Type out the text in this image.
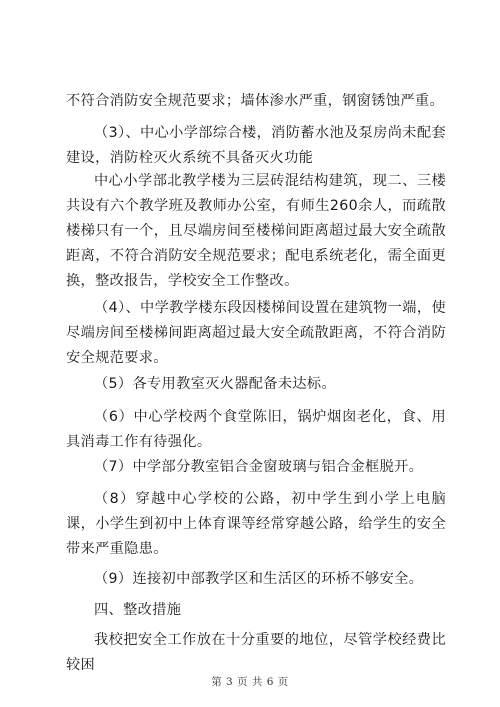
不符合消防安全规范要求；墙体渗水严重，钢窗锈蚀严重。

（3）、中心小学部综合楼，消防蓄水池及泵房尚未配套建设，消防栓灭火系统不具备灭火功能

中心小学部北教学楼为三层砖混结构建筑，现二、三楼共设有六个教学班及教师办公室，有师生260余人，而疏散楼梯只有一个，且尽端房间至楼梯间距离超过最大安全疏散距离，不符合消防安全规范要求；配电系统老化，需全面更换，整改报告，学校安全工作整改。

（4）、中学教学楼东段因楼梯间设置在建筑物一端，使尽端房间至楼梯间距离超过最大安全疏散距离，不符合消防安全规范要求。

（5）各专用教室灭火器配备未达标。

（6）中心学校两个食堂陈旧，锅炉烟囱老化，食、用具消毒工作有待强化。

（7）中学部分教室铝合金窗玻璃与铝合金框脱开。

（8）穿越中心学校的公路，初中学生到小学上电脑课，小学生到初中上体育课等经常穿越公路，给学生的安全带来严重隐患。

（9）连接初中部教学区和生活区的环桥不够安全。

四、整改措施

我校把安全工作放在十分重要的地位，尽管学校经费比较困

第 3 页 共 6 页
